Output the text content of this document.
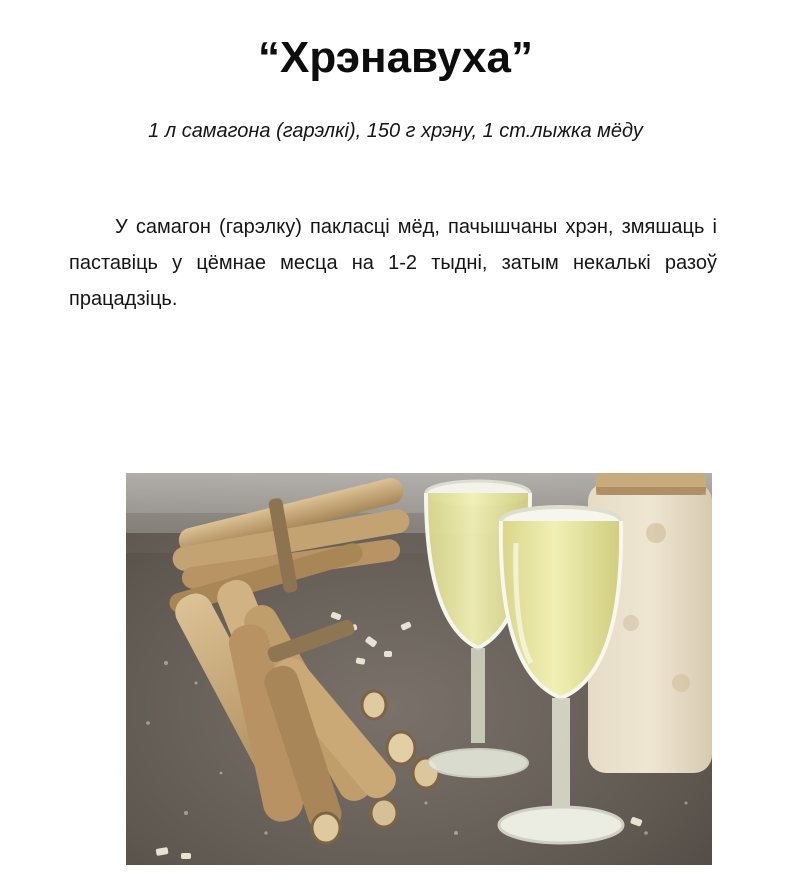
“Хрэнавуха”
1 л самагона (гарэлкі), 150 г хрэну, 1 ст.лыжка мёду
У самагон (гарэлку) пакласці мёд, пачышчаны хрэн, змяшаць і паставіць у цёмнае месца на 1-2 тыдні, затым некалькі разоў працадзіць.
